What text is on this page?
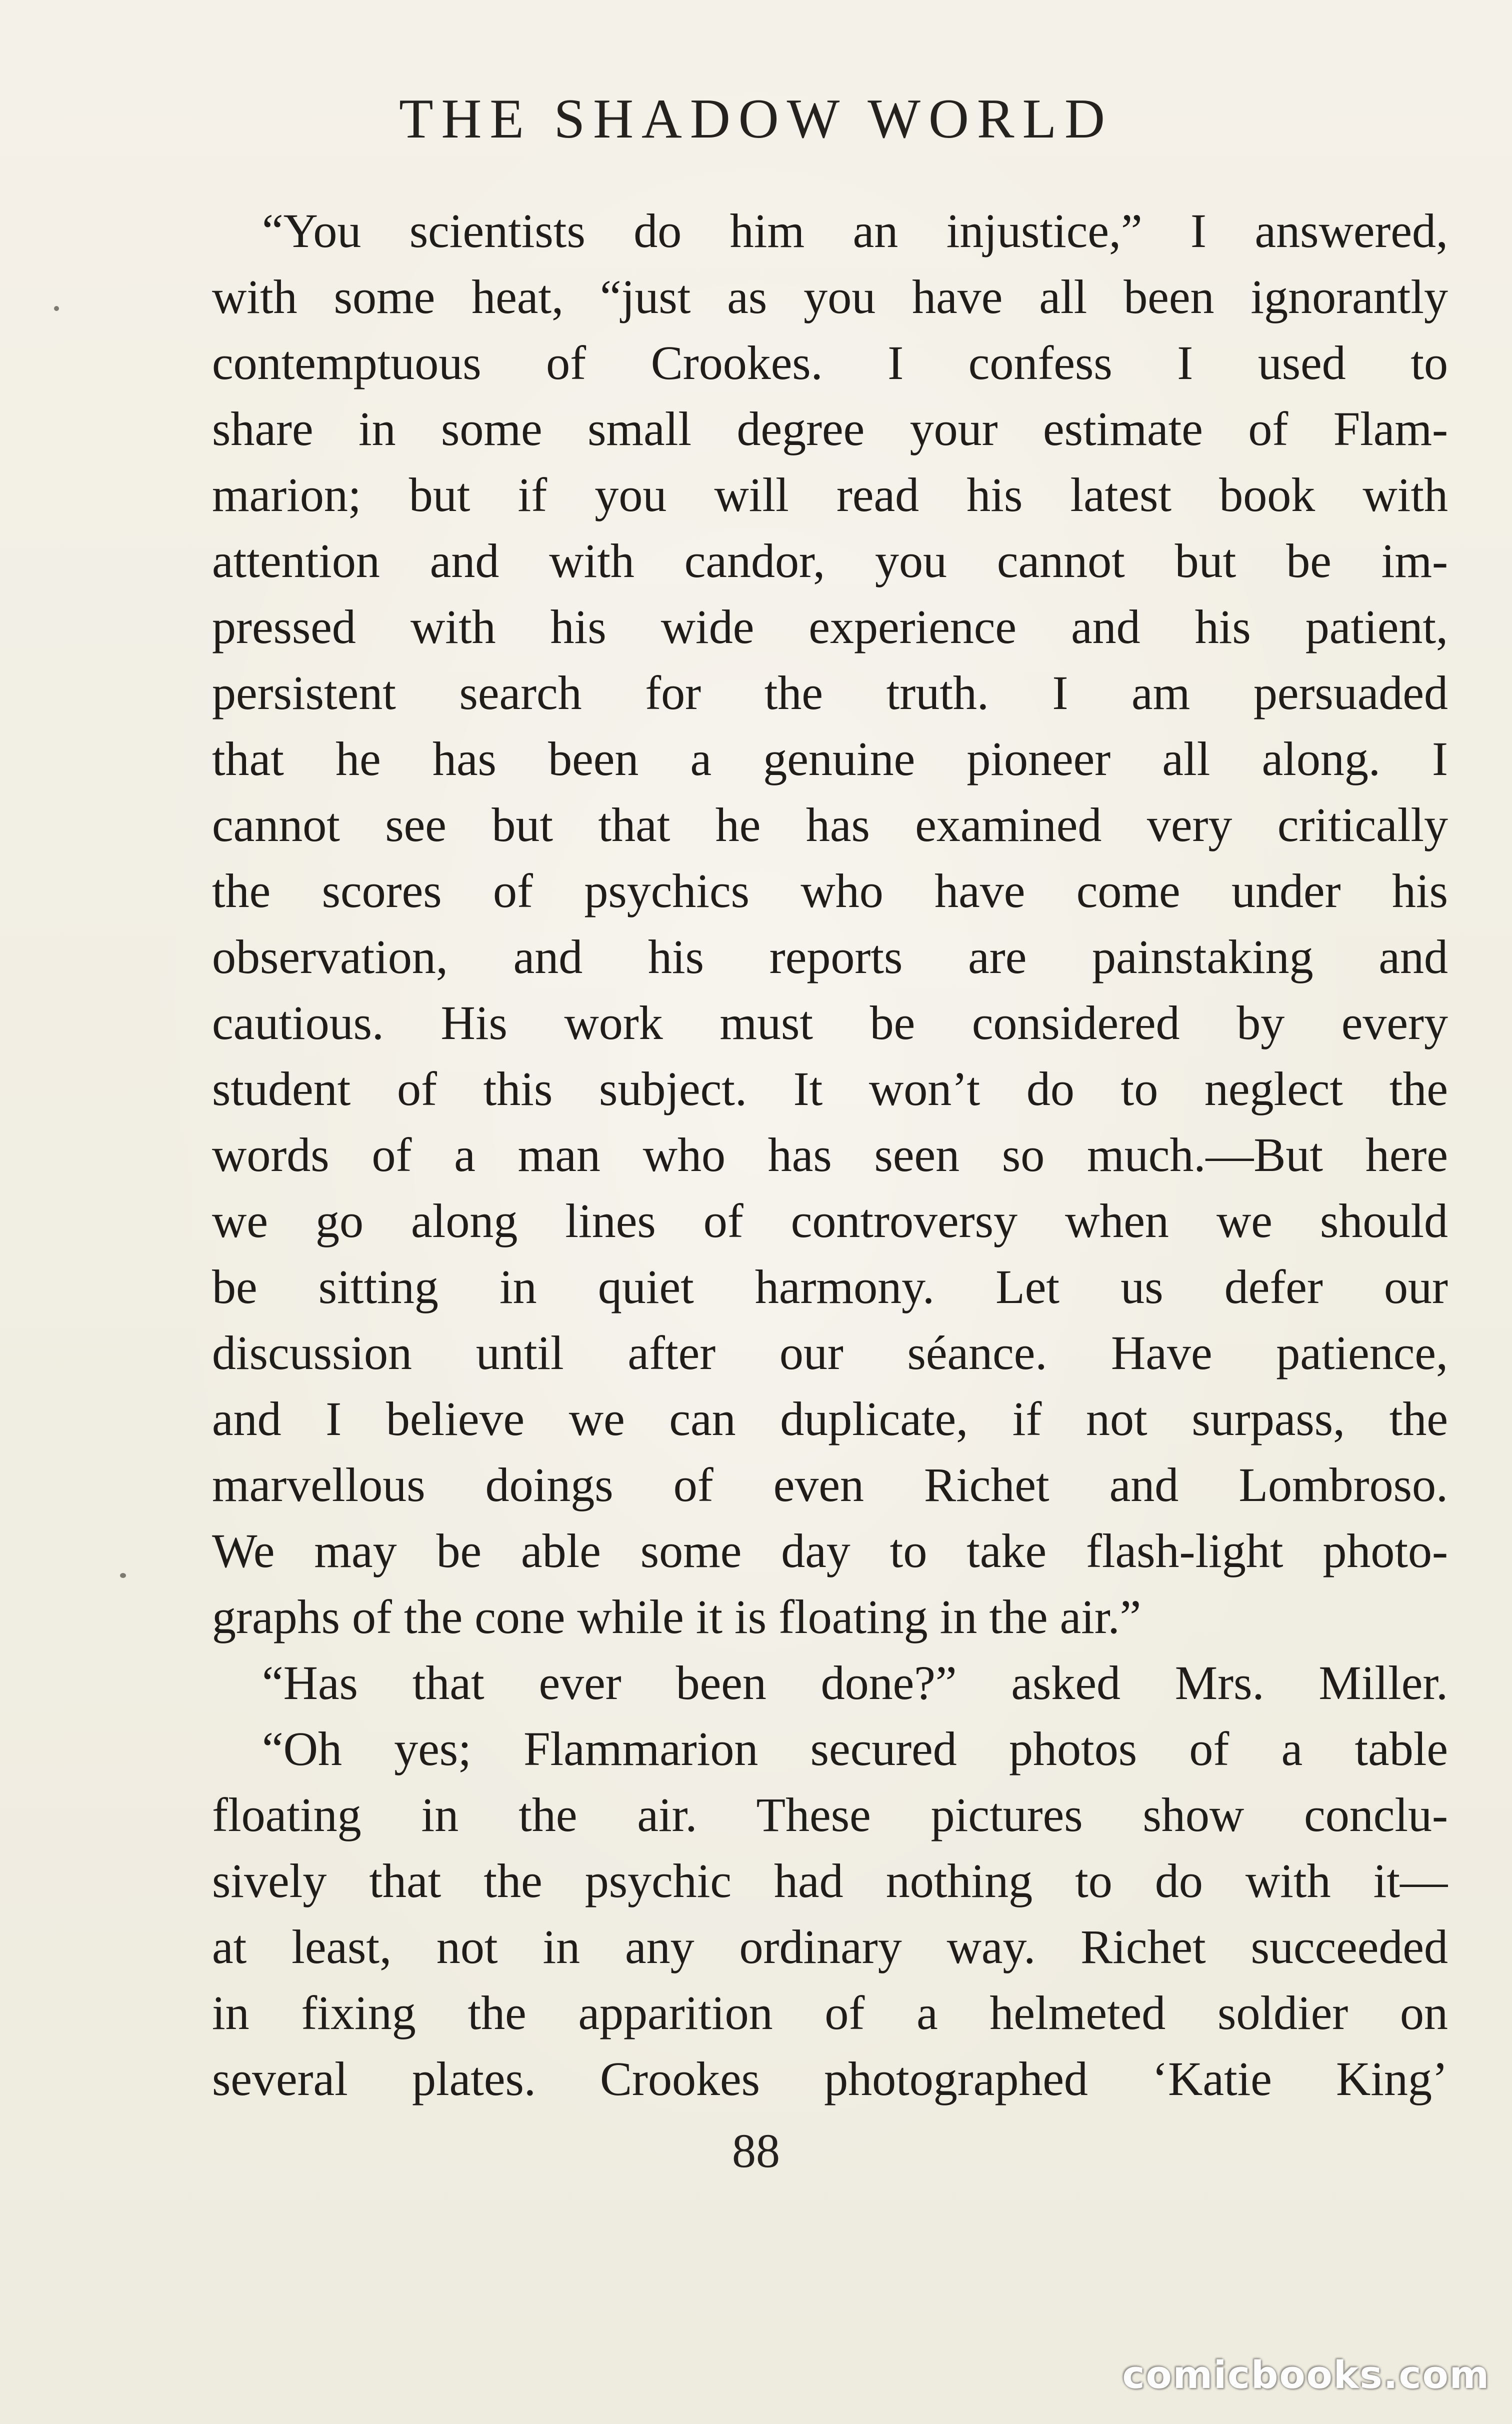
THE SHADOW WORLD
“You scientists do him an injustice,” I answered,
with some heat, “just as you have all been ignorantly
contemptuous of Crookes. I confess I used to
share in some small degree your estimate of Flam-
marion; but if you will read his latest book with
attention and with candor, you cannot but be im-
pressed with his wide experience and his patient,
persistent search for the truth. I am persuaded
that he has been a genuine pioneer all along. I
cannot see but that he has examined very critically
the scores of psychics who have come under his
observation, and his reports are painstaking and
cautious. His work must be considered by every
student of this subject. It won’t do to neglect the
words of a man who has seen so much.—But here
we go along lines of controversy when we should
be sitting in quiet harmony. Let us defer our
discussion until after our séance. Have patience,
and I believe we can duplicate, if not surpass, the
marvellous doings of even Richet and Lombroso.
We may be able some day to take flash-light photo-
graphs of the cone while it is floating in the air.”
“Has that ever been done?” asked Mrs. Miller.
“Oh yes; Flammarion secured photos of a table
floating in the air. These pictures show conclu-
sively that the psychic had nothing to do with it—
at least, not in any ordinary way. Richet succeeded
in fixing the apparition of a helmeted soldier on
several plates. Crookes photographed ‘Katie King’
88
comicbooks.com
